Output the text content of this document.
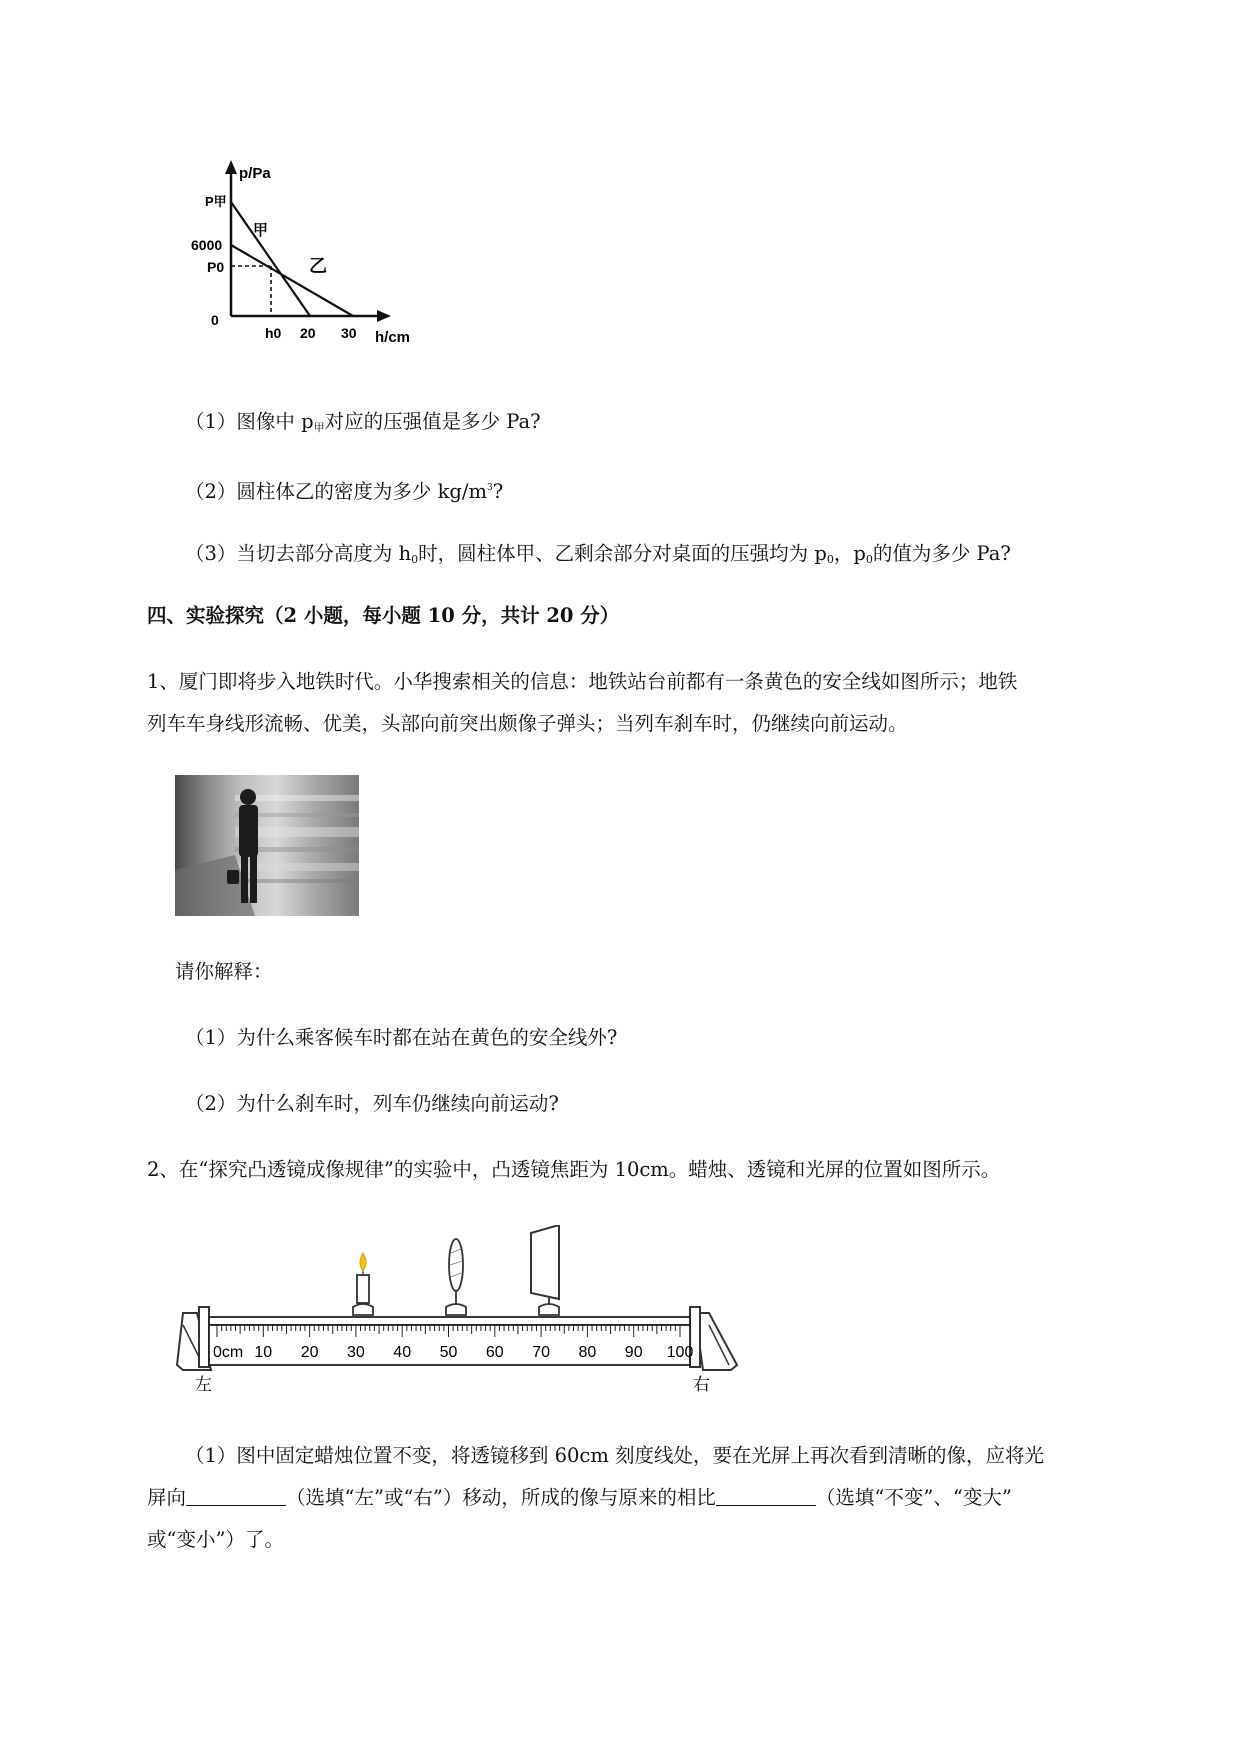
p/Pa
P甲
6000
P0
0
h0 20 30 h/cm
甲
乙
（1）图像中 $p_甲$对应的压强值是多少 Pa?
（2）圆柱体乙的密度为多少 $kg/m^3$?
（3）当切去部分高度为 $h_0$时，圆柱体甲、乙剩余部分对桌面的压强均为 $p_0$，$p_0$的值为多少 Pa?
四、实验探究（2 小题，每小题 10 分，共计 20 分）
1、厦门即将步入地铁时代。小华搜索相关的信息：地铁站台前都有一条黄色的安全线如图所示；地铁
列车车身线形流畅、优美，头部向前突出颇像子弹头；当列车刹车时，仍继续向前运动。
请你解释：
（1）为什么乘客候车时都在站在黄色的安全线外?
（2）为什么刹车时，列车仍继续向前运动?
2、在“探究凸透镜成像规律”的实验中，凸透镜焦距为 10cm。蜡烛、透镜和光屏的位置如图所示。
0cm 10 20 30 40 50 60 70 80 90 100
左	右
（1）图中固定蜡烛位置不变，将透镜移到 60cm 刻度线处，要在光屏上再次看到清晰的像，应将光
屏向	（选填“左”或“右”）移动，所成的像与原来的相比	（选填“不变”、“变大”
或“变小”）了。
